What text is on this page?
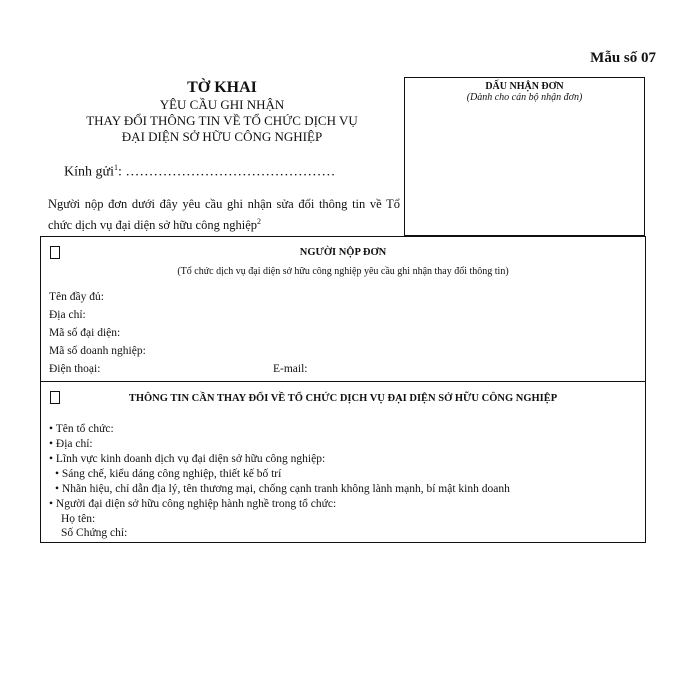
Mẫu số 07
TỜ KHAI
YÊU CẦU GHI NHẬN
THAY ĐỔI THÔNG TIN VỀ TỔ CHỨC DỊCH VỤ
ĐẠI DIỆN SỞ HỮU CÔNG NGHIỆP
Kính gửi$^1$: ………………………………………
Người nộp đơn dưới đây yêu cầu ghi nhận sửa đổi thông tin về Tổ chức dịch vụ đại diện sở hữu công nghiệp$^2$
DẤU NHẬN ĐƠN
(Dành cho cán bộ nhận đơn)
NGƯỜI NỘP ĐƠN
(Tổ chức dịch vụ đại diện sở hữu công nghiệp yêu cầu ghi nhận thay đổi thông tin)
Tên đầy đủ:
Địa chỉ:
Mã số đại diện:
Mã số doanh nghiệp:
Điện thoại:	E-mail:
THÔNG TIN CẦN THAY ĐỔI VỀ TỔ CHỨC DỊCH VỤ ĐẠI DIỆN SỞ HỮU CÔNG NGHIỆP
• Tên tổ chức:
• Địa chỉ:
• Lĩnh vực kinh doanh dịch vụ đại diện sở hữu công nghiệp:
• Sáng chế, kiểu dáng công nghiệp, thiết kế bố trí
• Nhãn hiệu, chỉ dẫn địa lý, tên thương mại, chống cạnh tranh không lành mạnh, bí mật kinh doanh
• Người đại diện sở hữu công nghiệp hành nghề trong tổ chức:
Họ tên:
Số Chứng chỉ:
